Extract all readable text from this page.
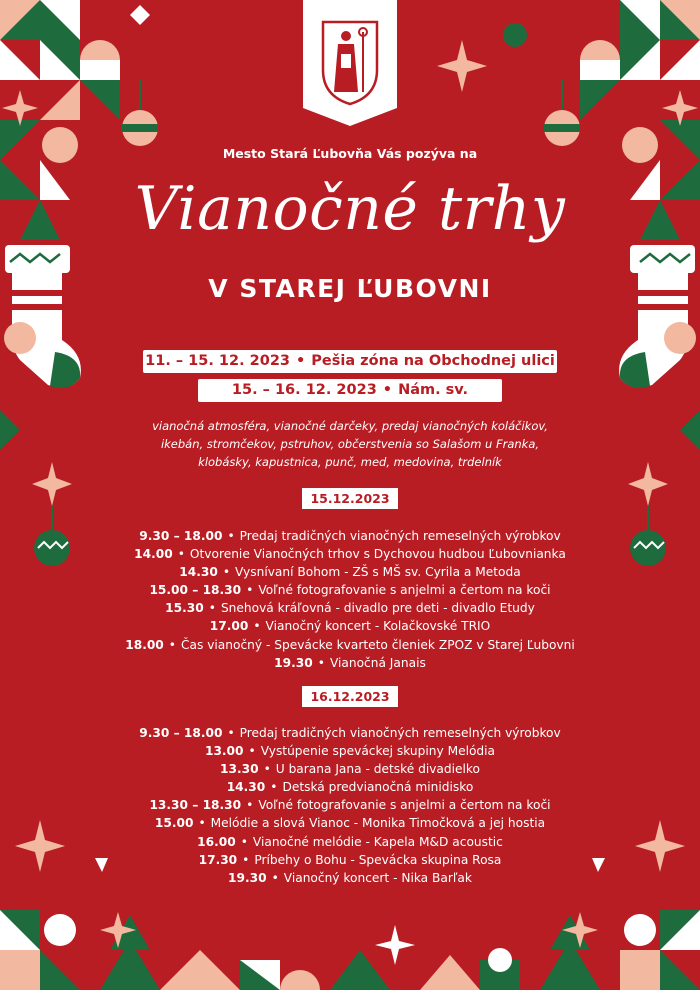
Mesto Stará Ľubovňa Vás pozýva na
Vianočné trhy
V STAREJ ĽUBOVNI
11. – 15. 12. 2023 • Pešia zóna na Obchodnej ulici
15. – 16. 12. 2023 • Nám. sv. Mikuláša
vianočná atmosféra, vianočné darčeky, predaj vianočných koláčikov,
ikebán, stromčekov, pstruhov, občerstvenia so Salašom u Franka,
klobásky, kapustnica, punč, med, medovina, trdelník
15.12.2023
9.30 – 18.00 • Predaj tradičných vianočných remeselných výrobkov
14.00 • Otvorenie Vianočných trhov s Dychovou hudbou Ľubovnianka
14.30 • Vysnívaní Bohom - ZŠ s MŠ sv. Cyrila a Metoda
15.00 – 18.30 • Voľné fotografovanie s anjelmi a čertom na koči
15.30 • Snehová kráľovná - divadlo pre deti - divadlo Etudy
17.00 • Vianočný koncert - Kolačkovské TRIO
18.00 • Čas vianočný - Spevácke kvarteto členiek ZPOZ v Starej Ľubovni
19.30 • Vianočná Janais
16.12.2023
9.30 – 18.00 • Predaj tradičných vianočných remeselných výrobkov
13.00 • Vystúpenie speváckej skupiny Melódia
13.30 • U barana Jana - detské divadielko
14.30 • Detská predvianočná minidisko
13.30 – 18.30 • Voľné fotografovanie s anjelmi a čertom na koči
15.00 • Melódie a slová Vianoc - Monika Timočková a jej hostia
16.00 • Vianočné melódie - Kapela M&D acoustic
17.30 • Príbehy o Bohu - Spevácka skupina Rosa
19.30 • Vianočný koncert - Nika Barľak
